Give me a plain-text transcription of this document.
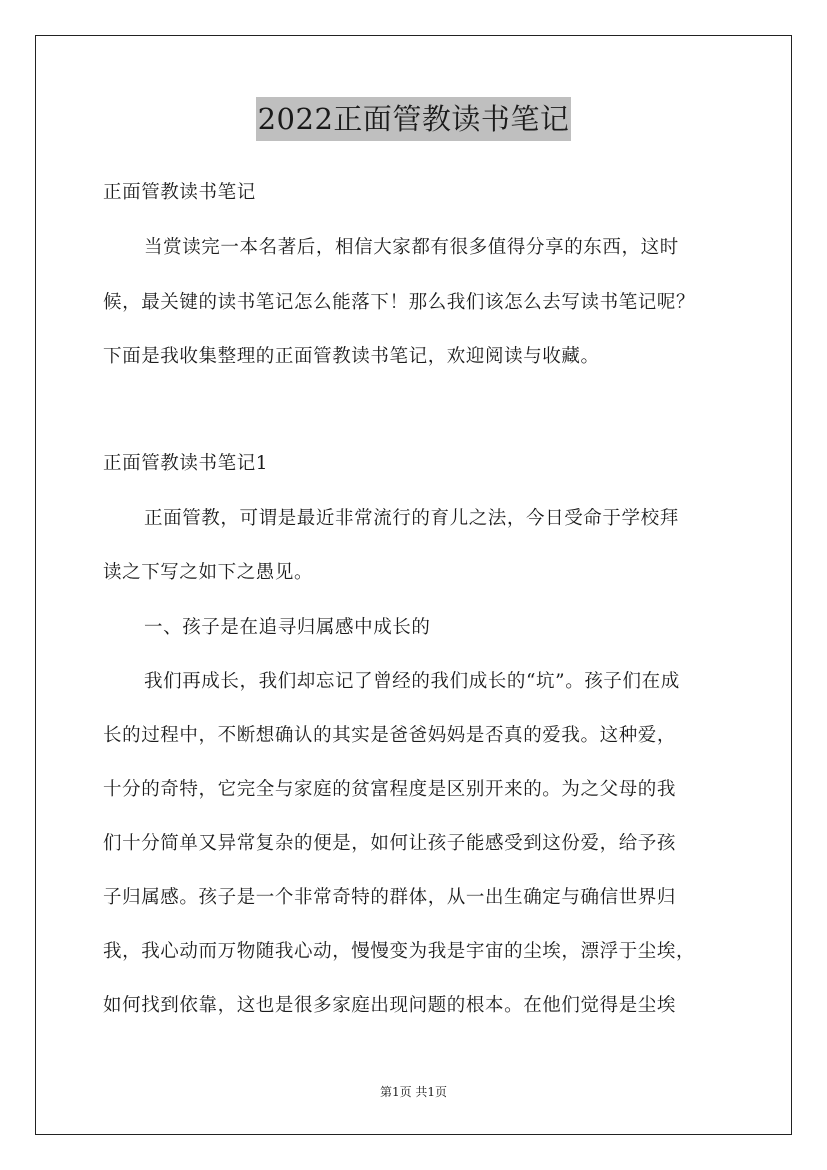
2022正面管教读书笔记
正面管教读书笔记
当赏读完一本名著后，相信大家都有很多值得分享的东西，这时
候，最关键的读书笔记怎么能落下！那么我们该怎么去写读书笔记呢？
下面是我收集整理的正面管教读书笔记，欢迎阅读与收藏。
正面管教读书笔记1
正面管教，可谓是最近非常流行的育儿之法，今日受命于学校拜
读之下写之如下之愚见。
一、孩子是在追寻归属感中成长的
我们再成长，我们却忘记了曾经的我们成长的“坑”。孩子们在成
长的过程中，不断想确认的其实是爸爸妈妈是否真的爱我。这种爱，
十分的奇特，它完全与家庭的贫富程度是区别开来的。为之父母的我
们十分简单又异常复杂的便是，如何让孩子能感受到这份爱，给予孩
子归属感。孩子是一个非常奇特的群体，从一出生确定与确信世界归
我，我心动而万物随我心动，慢慢变为我是宇宙的尘埃，漂浮于尘埃，
如何找到依靠，这也是很多家庭出现问题的根本。在他们觉得是尘埃
第1页 共1页
